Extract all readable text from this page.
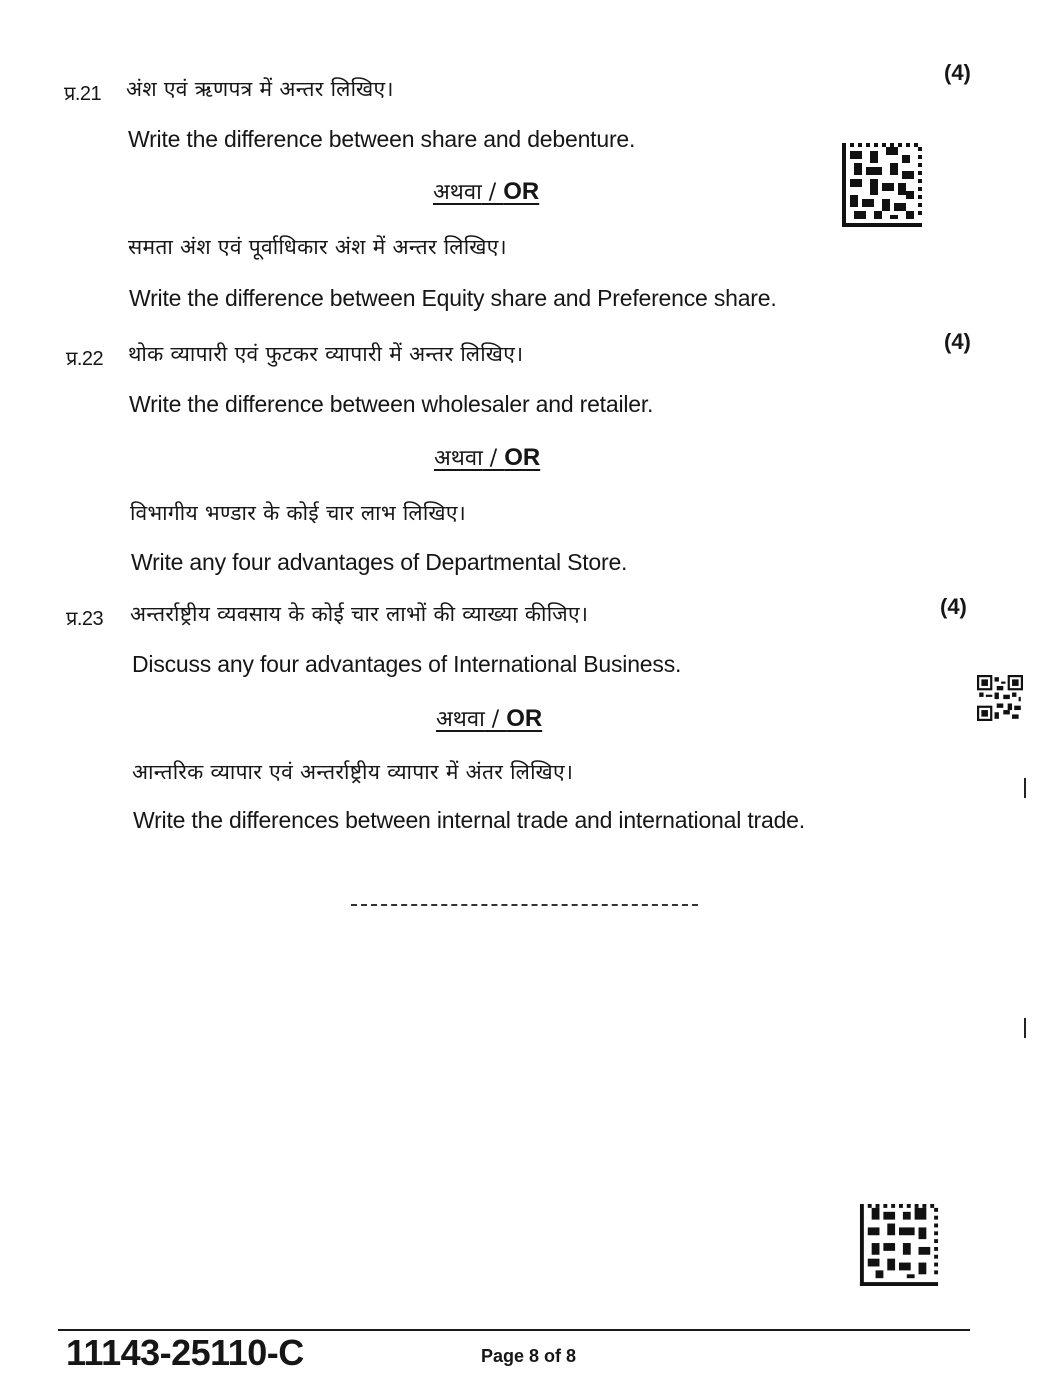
प्र.21 अंश एवं ऋणपत्र में अन्तर लिखिए।
(4)
Write the difference between share and debenture.
अथवा / OR
समता अंश एवं पूर्वाधिकार अंश में अन्तर लिखिए।
Write the difference between Equity share and Preference share.
प्र.22 थोक व्यापारी एवं फुटकर व्यापारी में अन्तर लिखिए।	(4)
Write the difference between wholesaler and retailer.
अथवा / OR
विभागीय भण्डार के कोई चार लाभ लिखिए।
Write any four advantages of Departmental Store.
प्र.23 अन्तर्राष्ट्रीय व्यवसाय के कोई चार लाभों की व्याख्या कीजिए।	(4)
Discuss any four advantages of International Business.
अथवा / OR
आन्तरिक व्यापार एवं अन्तर्राष्ट्रीय व्यापार में अंतर लिखिए।
Write the differences between internal trade and international trade.
11143-25110-C	Page 8 of 8
